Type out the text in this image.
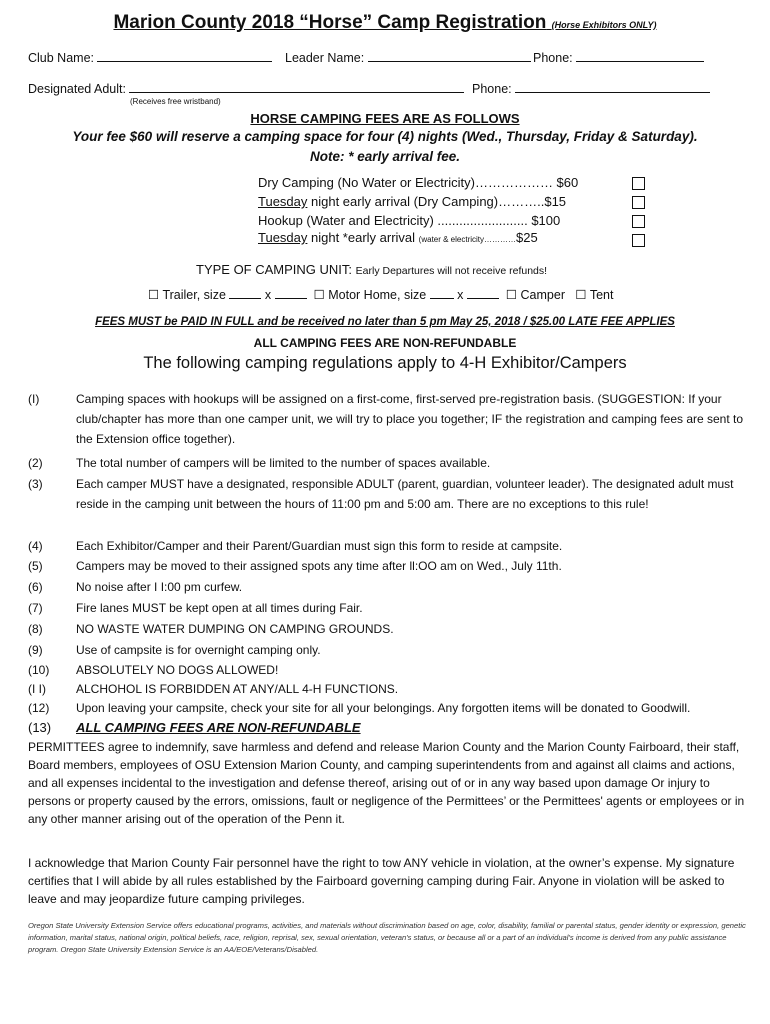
Marion County 2018 “Horse” Camp Registration (Horse Exhibitors ONLY)
Club Name:	Leader Name:	Phone:
Designated Adult:	Phone:
(Receives free wristband)
HORSE CAMPING FEES ARE AS FOLLOWS
Your fee $60 will reserve a camping space for four (4) nights (Wed., Thursday, Friday & Saturday).
Note: * early arrival fee.
Dry Camping (No Water or Electricity)……………… $60
Tuesday night early arrival (Dry Camping)………..$15
Hookup (Water and Electricity) ......................... $100
Tuesday night *early arrival (water & electricity…………$25
TYPE OF CAMPING UNIT: Early Departures will not receive refunds!
☐ Trailer, size	x	☐ Motor Home, size x	☐ Camper ☐ Tent
FEES MUST be PAID IN FULL and be received no later than 5 pm May 25, 2018 / $25.00 LATE FEE APPLIES
ALL CAMPING FEES ARE NON-REFUNDABLE
The following camping regulations apply to 4-H Exhibitor/Campers
(I)	Camping spaces with hookups will be assigned on a first-come, first-served pre-registration basis. (SUGGESTION: If your club/chapter has more than one camper unit, we will try to place you together; IF the registration and camping fees are sent to the Extension office together).
(2)	The total number of campers will be limited to the number of spaces available.
(3)	Each camper MUST have a designated, responsible ADULT (parent, guardian, volunteer leader). The designated adult must reside in the camping unit between the hours of 11:00 pm and 5:00 am. There are no exceptions to this rule!
(4)	Each Exhibitor/Camper and their Parent/Guardian must sign this form to reside at campsite.
(5)	Campers may be moved to their assigned spots any time after ll:OO am on Wed., July 11th.
(6)	No noise after I I:00 pm curfew.
(7)	Fire lanes MUST be kept open at all times during Fair.
(8)	NO WASTE WATER DUMPING ON CAMPING GROUNDS.
(9)	Use of campsite is for overnight camping only.
(10) ABSOLUTELY NO DOGS ALLOWED!
(I I)	ALCHOHOL IS FORBIDDEN AT ANY/ALL 4-H FUNCTIONS.
(12) Upon leaving your campsite, check your site for all your belongings. Any forgotten items will be donated to Goodwill.
(13) ALL CAMPING FEES ARE NON-REFUNDABLE
PERMITTEES agree to indemnify, save harmless and defend and release Marion County and the Marion County Fairboard, their staff, Board members, employees of OSU Extension Marion County, and camping superintendents from and against all claims and actions, and all expenses incidental to the investigation and defense thereof, arising out of or in any way based upon damage Or injury to persons or property caused by the errors, omissions, fault or negligence of the Permittees’ or the Permittees' agents or employees or in any other manner arising out of the operation of the Penn it.
I acknowledge that Marion County Fair personnel have the right to tow ANY vehicle in violation, at the owner’s expense. My signature certifies that I will abide by all rules established by the Fairboard governing camping during Fair. Anyone in violation will be asked to leave and may jeopardize future camping privileges.
Oregon State University Extension Service offers educational programs, activities, and materials without discrimination based on age, color, disability, familial or parental status, gender identity or expression, genetic information, marital status, national origin, political beliefs, race, religion, reprisal, sex, sexual orientation, veteran's status, or because all or a part of an individual's income is derived from any public assistance program. Oregon State University Extension Service is an AA/EOE/Veterans/Disabled.
